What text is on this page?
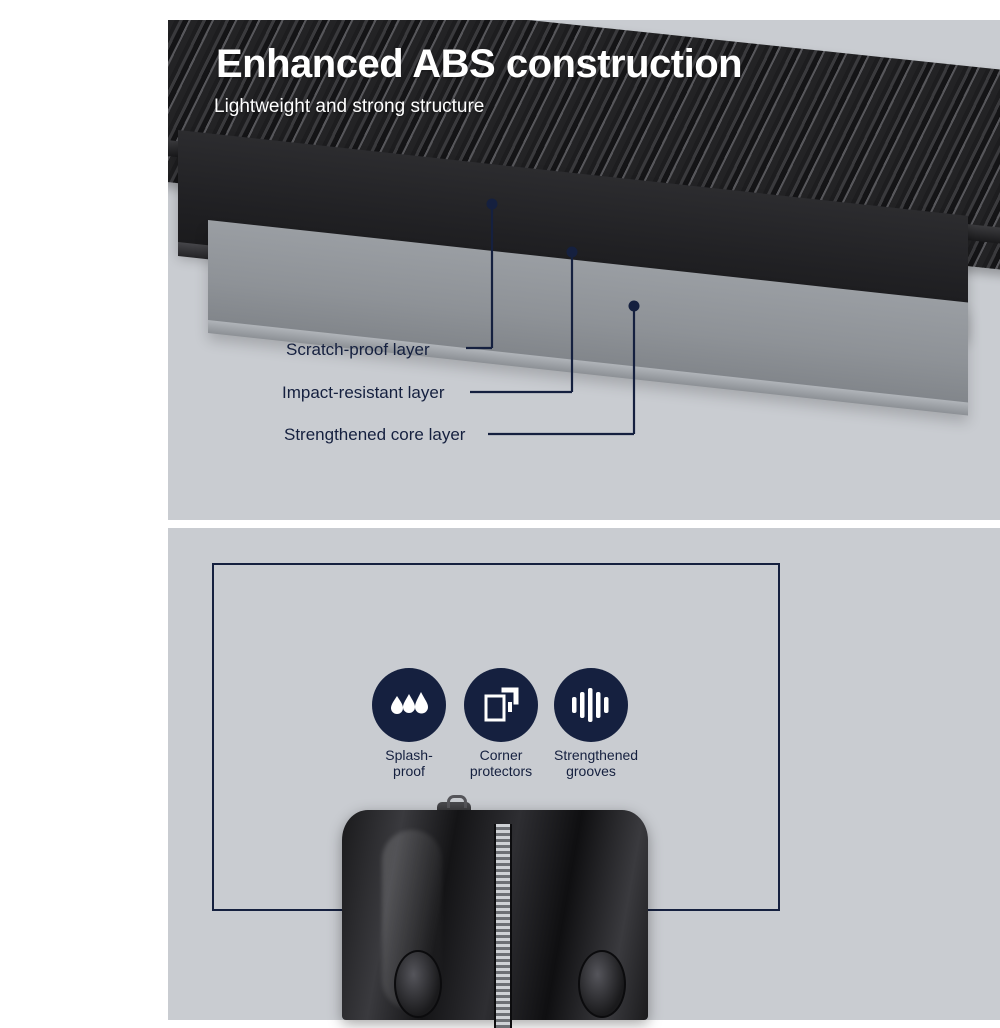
Enhanced ABS construction
Lightweight and strong structure
Scratch-proof layer
Impact-resistant layer
Strengthened core layer
Splash-proof
Corner protectors
Strengthened grooves
